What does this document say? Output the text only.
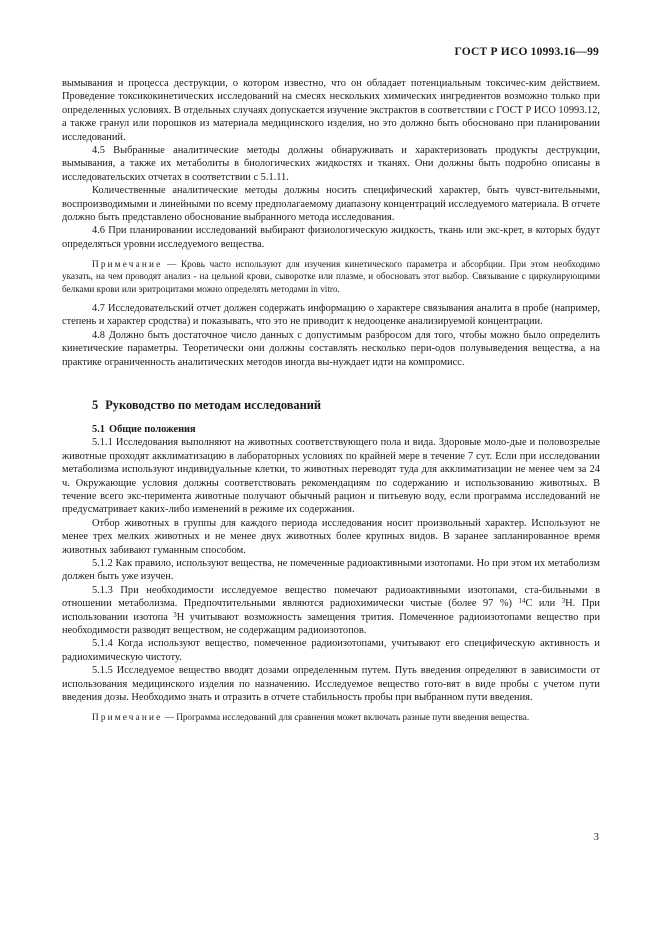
ГОСТ Р ИСО 10993.16—99

вымывания и процесса деструкции, о котором известно, что он обладает потенциальным токсичес-ким действием. Проведение токсикокинетических исследований на смесях нескольких химических ингредиентов возможно только при определенных условиях. В отдельных случаях допускается изучение экстрактов в соответствии с ГОСТ Р ИСО 10993.12, а также гранул или порошков из материала медицинского изделия, но это должно быть обосновано при планировании исследований.

4.5 Выбранные аналитические методы должны обнаруживать и характеризовать продукты деструкции, вымывания, а также их метаболиты в биологических жидкостях и тканях. Они должны быть подробно описаны в исследовательских отчетах в соответствии с 5.1.11.

Количественные аналитические методы должны носить специфический характер, быть чувст-вительными, воспроизводимыми и линейными по всему предполагаемому диапазону концентраций исследуемого материала. В отчете должно быть представлено обоснование выбранного метода исследования.

4.6 При планировании исследований выбирают физиологическую жидкость, ткань или экс-крет, в которых будут определяться уровни исследуемого вещества.

Примечание — Кровь часто используют для изучения кинетического параметра и абсорбции. При этом необходимо указать, на чем проводят анализ - на цельной крови, сыворотке или плазме, и обосновать этот выбор. Связывание с циркулирующими белками крови или эритроцитами можно определять методами in vitro.

4.7 Исследовательский отчет должен содержать информацию о характере связывания аналита в пробе (например, степень и характер сродства) и показывать, что это не приводит к недооценке анализируемой концентрации.

4.8 Должно быть достаточное число данных с допустимым разбросом для того, чтобы можно было определить кинетические параметры. Теоретически они должны составлять несколько пери-одов полувыведения вещества, а на практике ограниченность аналитических методов иногда вы-нуждает идти на компромисс.

5 Руководство по методам исследований
5.1 Общие положения

5.1.1 Исследования выполняют на животных соответствующего пола и вида. Здоровые моло-дые и половозрелые животные проходят акклиматизацию в лабораторных условиях по крайней мере в течение 7 сут. Если при исследовании метаболизма используют индивидуальные клетки, то животных переводят туда для акклиматизации не менее чем за 24 ч. Окружающие условия должны соответствовать рекомендациям по содержанию и использованию животных. В течение всего экс-перимента животные получают обычный рацион и питьевую воду, если программа исследований не предусматривает каких-либо изменений в режиме их содержания.

Отбор животных в группы для каждого периода исследования носит произвольный характер. Используют не менее трех мелких животных и не менее двух животных более крупных видов. В заранее запланированное время животных забивают гуманным способом.

5.1.2 Как правило, используют вещества, не помеченные радиоактивными изотопами. Но при этом их метаболизм должен быть уже изучен.

5.1.3 При необходимости исследуемое вещество помечают радиоактивными изотопами, ста-бильными в отношении метаболизма. Предпочтительными являются радиохимически чистые (более 97 %) $^{14}$С или $^3$Н. При использовании изотопа $^3$Н учитывают возможность замещения трития. Помеченное радиоизотопами вещество при необходимости разводят веществом, не содержащим радиоизотопов.

5.1.4 Когда используют вещество, помеченное радиоизотопами, учитывают его специфическую активность и радиохимическую чистоту.

5.1.5 Исследуемое вещество вводят дозами определенным путем. Путь введения определяют в зависимости от использования медицинского изделия по назначению. Исследуемое вещество гото-вят в виде пробы с учетом пути введения дозы. Необходимо знать и отразить в отчете стабильность пробы при выбранном пути введения.

Примечание — Программа исследований для сравнения может включать разные пути введения вещества.

3
